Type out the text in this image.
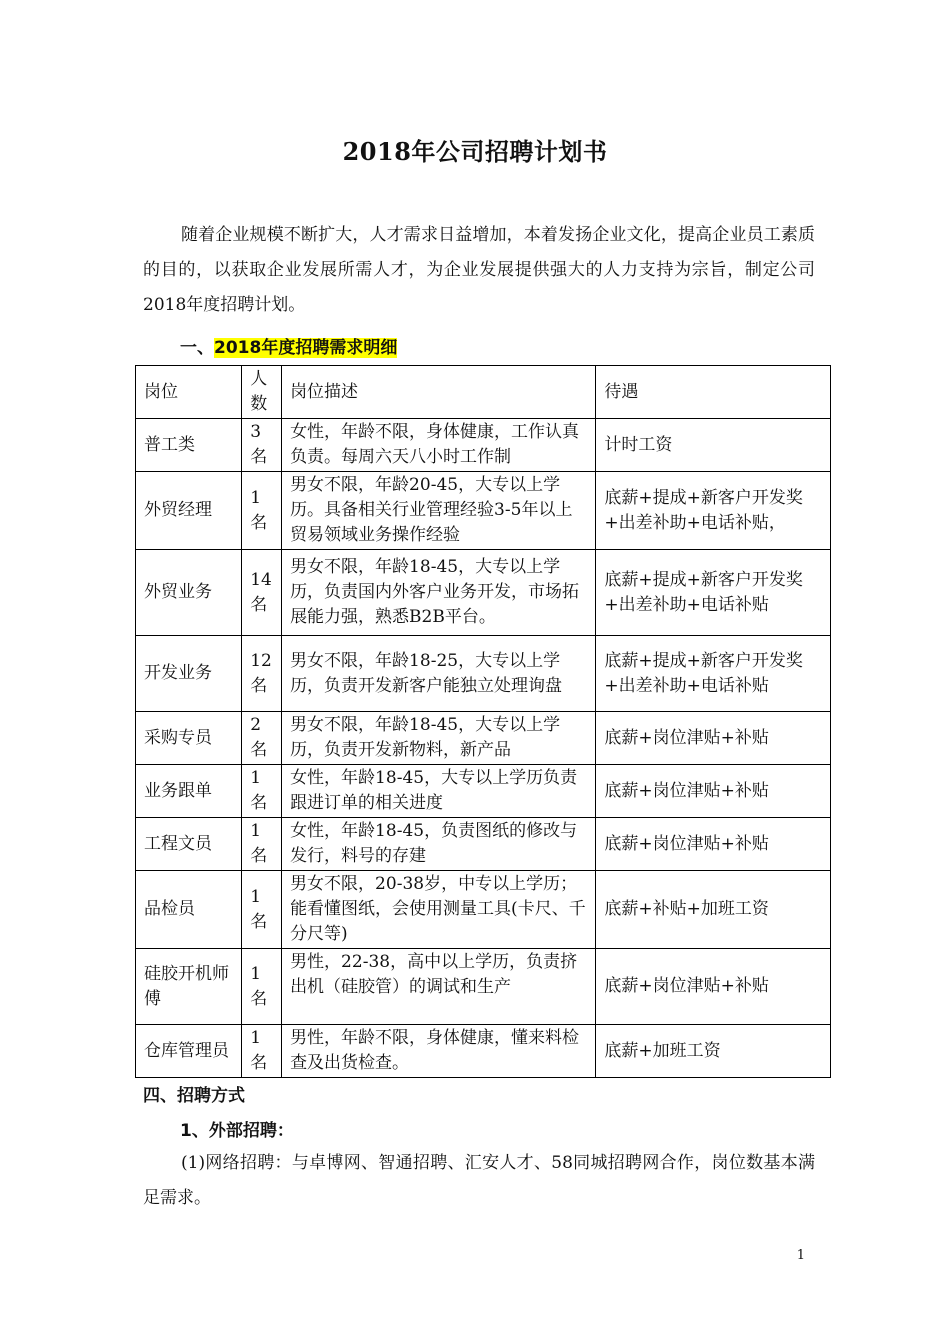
2018年公司招聘计划书
随着企业规模不断扩大，人才需求日益增加，本着发扬企业文化，提高企业员工素质的目的，以获取企业发展所需人才，为企业发展提供强大的人力支持为宗旨，制定公司2018年度招聘计划。
一、2018年度招聘需求明细
岗位	人数	岗位描述	待遇
普工类	3名	女性，年龄不限，身体健康，工作认真负责。每周六天八小时工作制	计时工资
外贸经理	1名	男女不限，年龄20-45，大专以上学历。具备相关行业管理经验3-5年以上贸易领域业务操作经验	底薪+提成+新客户开发奖+出差补助+电话补贴，
外贸业务	14名	男女不限，年龄18-45，大专以上学历，负责国内外客户业务开发，市场拓展能力强，熟悉B2B平台。	底薪+提成+新客户开发奖+出差补助+电话补贴
开发业务	12名	男女不限，年龄18-25，大专以上学历，负责开发新客户能独立处理询盘	底薪+提成+新客户开发奖+出差补助+电话补贴
采购专员	2名	男女不限，年龄18-45，大专以上学历，负责开发新物料，新产品	底薪+岗位津贴+补贴
业务跟单	1名	女性，年龄18-45，大专以上学历负责跟进订单的相关进度	底薪+岗位津贴+补贴
工程文员	1名	女性，年龄18-45，负责图纸的修改与发行，料号的存建	底薪+岗位津贴+补贴
品检员	1名	男女不限，20-38岁，中专以上学历；能看懂图纸，会使用测量工具(卡尺、千分尺等)	底薪+补贴+加班工资
硅胶开机师傅	1名	男性，22-38，高中以上学历，负责挤出机（硅胶管）的调试和生产	底薪+岗位津贴+补贴
仓库管理员	1名	男性，年龄不限，身体健康，懂来料检查及出货检查。	底薪+加班工资
四、招聘方式
1、外部招聘：
(1)网络招聘：与卓博网、智通招聘、汇安人才、58同城招聘网合作，岗位数基本满足需求。
1
